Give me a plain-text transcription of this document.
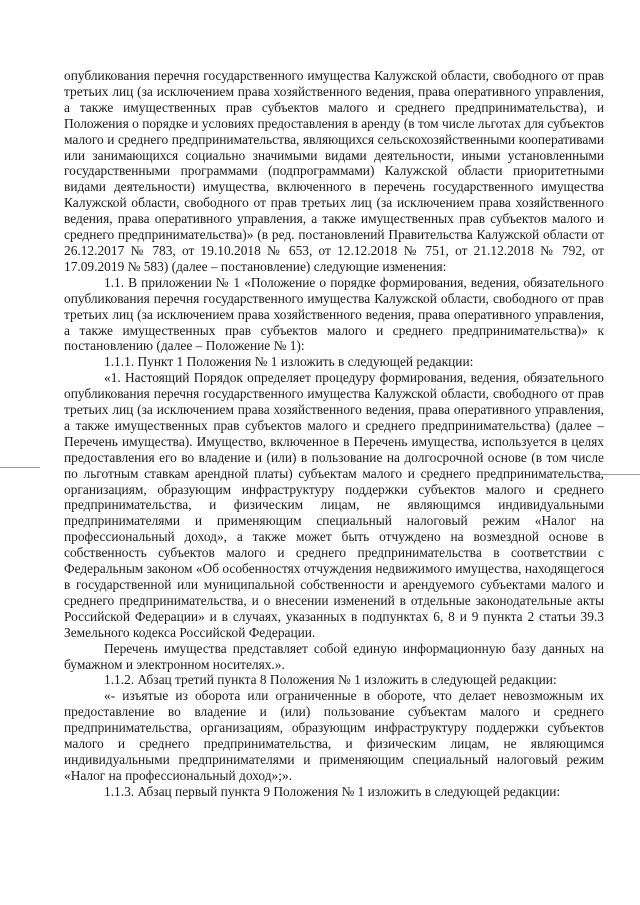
опубликования перечня государственного имущества Калужской области, свободного от прав третьих лиц (за исключением права хозяйственного ведения, права оперативного управления, а также имущественных прав субъектов малого и среднего предпринимательства), и Положения о порядке и условиях предоставления в аренду (в том числе льготах для субъектов малого и среднего предпринимательства, являющихся сельскохозяйственными кооперативами или занимающихся социально значимыми видами деятельности, иными установленными государственными программами (подпрограммами) Калужской области приоритетными видами деятельности) имущества, включенного в перечень государственного имущества Калужской области, свободного от прав третьих лиц (за исключением права хозяйственного ведения, права оперативного управления, а также имущественных прав субъектов малого и среднего предпринимательства)» (в ред. постановлений Правительства Калужской области от 26.12.2017 № 783, от 19.10.2018 № 653, от 12.12.2018 № 751, от 21.12.2018 № 792, от 17.09.2019 № 583) (далее – постановление) следующие изменения:

1.1. В приложении № 1 «Положение о порядке формирования, ведения, обязательного опубликования перечня государственного имущества Калужской области, свободного от прав третьих лиц (за исключением права хозяйственного ведения, права оперативного управления, а также имущественных прав субъектов малого и среднего предпринимательства)» к постановлению (далее – Положение № 1):

1.1.1. Пункт 1 Положения № 1 изложить в следующей редакции:

«1. Настоящий Порядок определяет процедуру формирования, ведения, обязательного опубликования перечня государственного имущества Калужской области, свободного от прав третьих лиц (за исключением права хозяйственного ведения, права оперативного управления, а также имущественных прав субъектов малого и среднего предпринимательства) (далее – Перечень имущества). Имущество, включенное в Перечень имущества, используется в целях предоставления его во владение и (или) в пользование на долгосрочной основе (в том числе по льготным ставкам арендной платы) субъектам малого и среднего предпринимательства, организациям, образующим инфраструктуру поддержки субъектов малого и среднего предпринимательства, и физическим лицам, не являющимся индивидуальными предпринимателями и применяющим специальный налоговый режим «Налог на профессиональный доход», а также может быть отчуждено на возмездной основе в собственность субъектов малого и среднего предпринимательства в соответствии с Федеральным законом «Об особенностях отчуждения недвижимого имущества, находящегося в государственной или муниципальной собственности и арендуемого субъектами малого и среднего предпринимательства, и о внесении изменений в отдельные законодательные акты Российской Федерации» и в случаях, указанных в подпунктах 6, 8 и 9 пункта 2 статьи 39.3 Земельного кодекса Российской Федерации.

Перечень имущества представляет собой единую информационную базу данных на бумажном и электронном носителях.».

1.1.2. Абзац третий пункта 8 Положения № 1 изложить в следующей редакции:

«- изъятые из оборота или ограниченные в обороте, что делает невозможным их предоставление во владение и (или) пользование субъектам малого и среднего предпринимательства, организациям, образующим инфраструктуру поддержки субъектов малого и среднего предпринимательства, и физическим лицам, не являющимся индивидуальными предпринимателями и применяющим специальный налоговый режим «Налог на профессиональный доход»;».

1.1.3. Абзац первый пункта 9 Положения № 1 изложить в следующей редакции:
